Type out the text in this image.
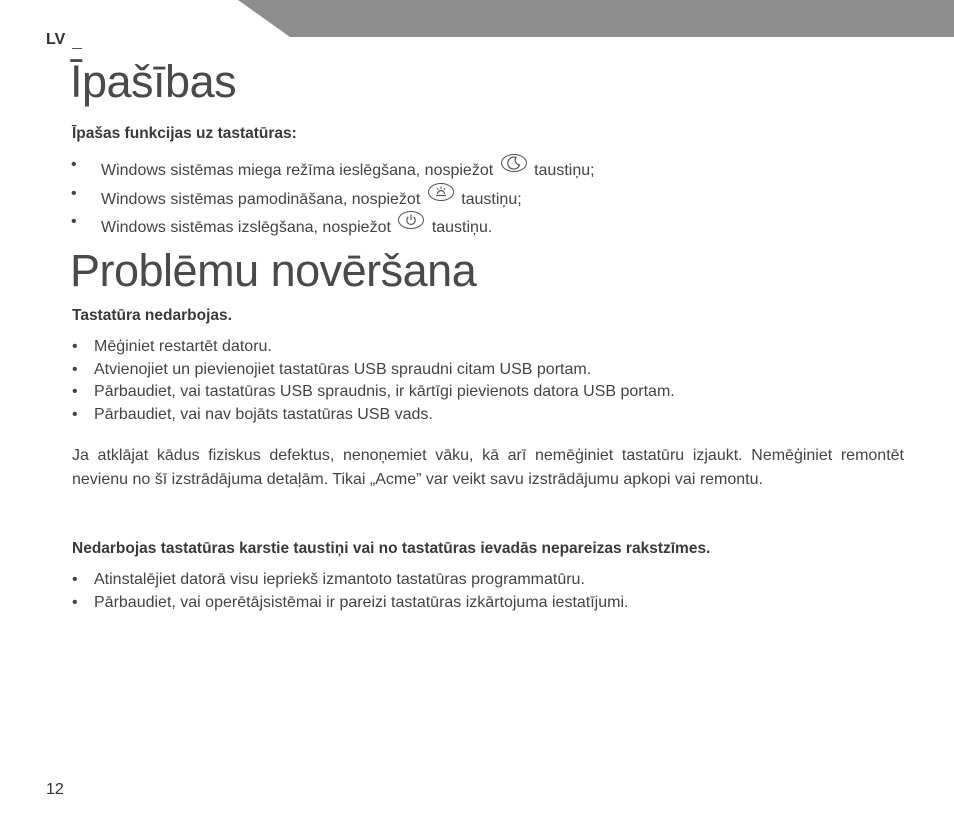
LV
Īpašības

Īpašas funkcijas uz tastatūras:

• Windows sistēmas miega režīma ieslēgšana, nospiežot	taustiņu;
• Windows sistēmas pamodināšana, nospiežot	taustiņu;
• Windows sistēmas izslēgšana, nospiežot	taustiņu.
Problēmu novēršana

Tastatūra nedarbojas.

• Mēģiniet restartēt datoru.
• Atvienojiet un pievienojiet tastatūras USB spraudni citam USB portam.
• Pārbaudiet, vai tastatūras USB spraudnis, ir kārtīgi pievienots datora USB portam.
• Pārbaudiet, vai nav bojāts tastatūras USB vads.

Ja atklājat kādus fiziskus defektus, nenoņemiet vāku, kā arī nemēģiniet tastatūru izjaukt. Nemēģiniet remontēt nevienu no šī izstrādājuma detaļām. Tikai „Acme” var veikt savu izstrādājumu apkopi vai remontu.

Nedarbojas tastatūras karstie taustiņi vai no tastatūras ievadās nepareizas rakstzīmes.

• Atinstalējiet datorā visu iepriekš izmantoto tastatūras programmatūru.
• Pārbaudiet, vai operētājsistēmai ir pareizi tastatūras izkārtojuma iestatījumi.
12
